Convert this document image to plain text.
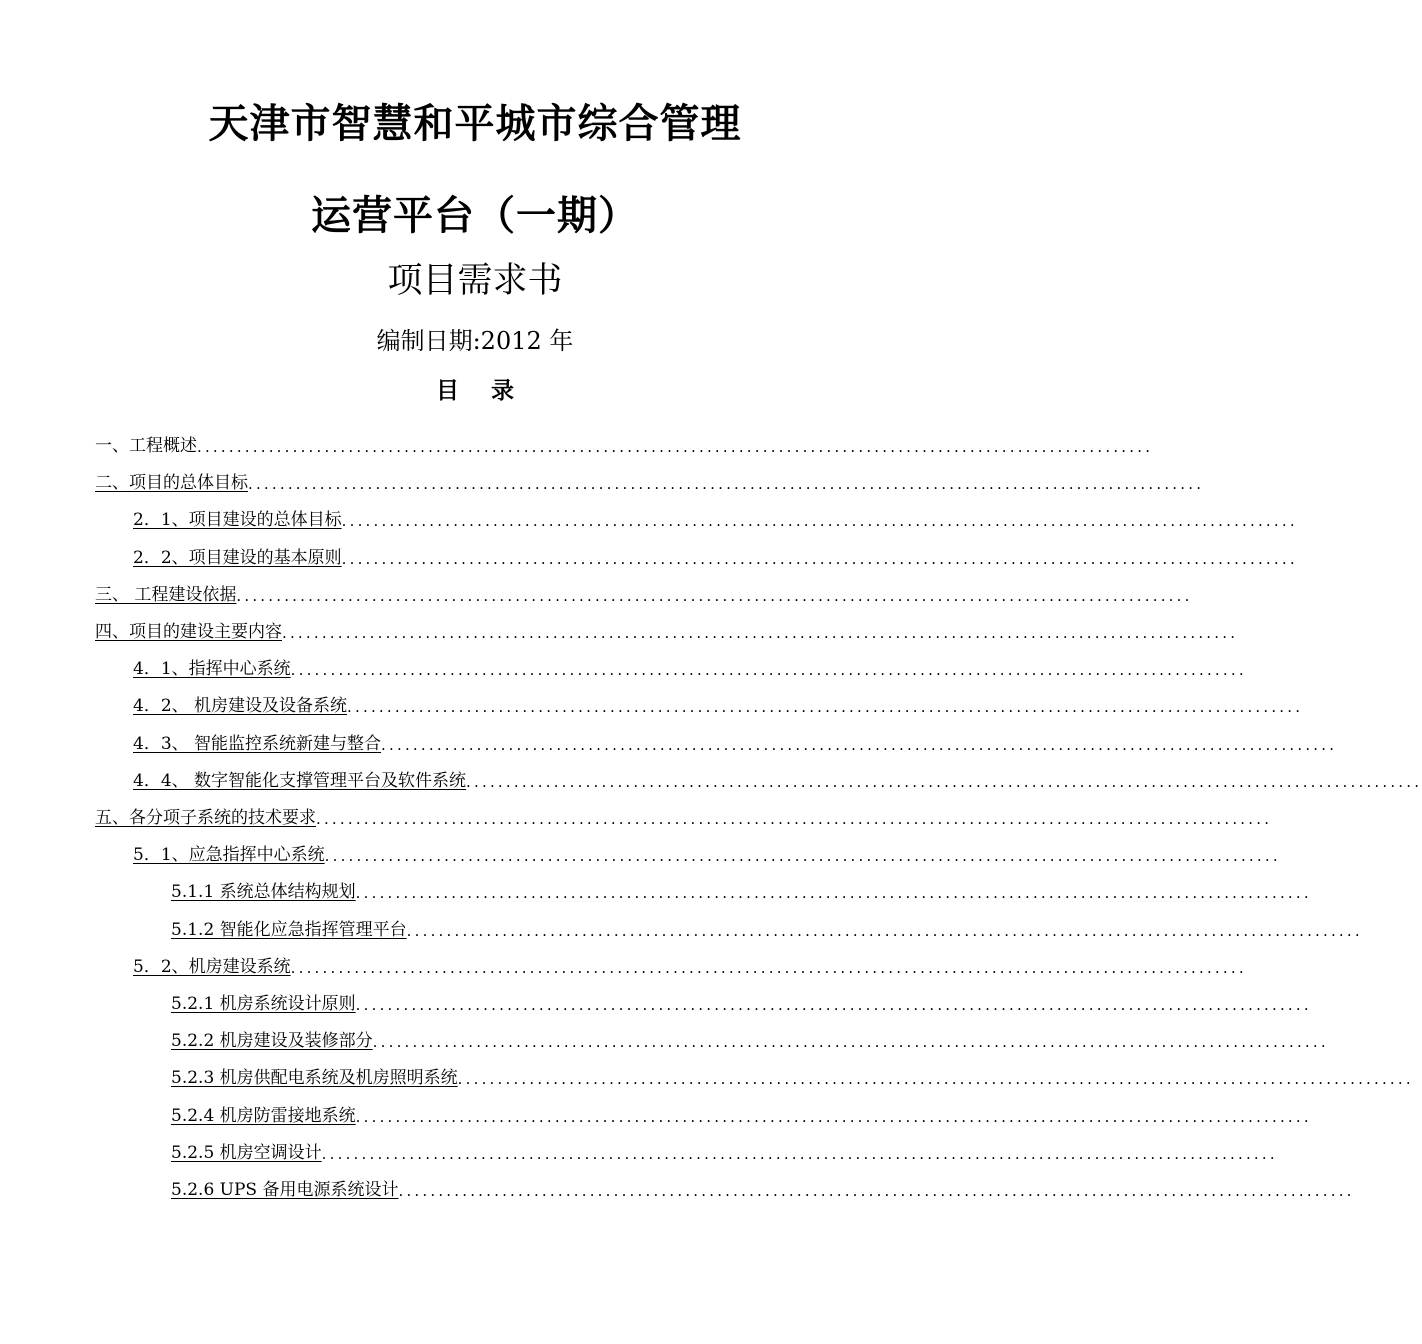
天津市智慧和平城市综合管理
运营平台（一期）
项目需求书
编制日期:2012 年
目 录
一、工程概述 ........................................................................................................................
二、项目的总体目标 ........................................................................................................................
2．1、项目建设的总体目标 ........................................................................................................................
2．2、项目建设的基本原则 ........................................................................................................................
三、 工程建设依据 ........................................................................................................................
四、项目的建设主要内容 ........................................................................................................................
4．1、指挥中心系统 ........................................................................................................................
4．2、 机房建设及设备系统 ........................................................................................................................
4．3、 智能监控系统新建与整合 ........................................................................................................................
4．4、 数字智能化支撑管理平台及软件系统 ........................................................................................................................
五、各分项子系统的技术要求 ........................................................................................................................
5．1、应急指挥中心系统 ........................................................................................................................
5.1.1 系统总体结构规划 ........................................................................................................................
5.1.2 智能化应急指挥管理平台 ........................................................................................................................
5．2、机房建设系统 ........................................................................................................................
5.2.1 机房系统设计原则 ........................................................................................................................
5.2.2 机房建设及装修部分 ........................................................................................................................
5.2.3 机房供配电系统及机房照明系统 ........................................................................................................................
5.2.4 机房防雷接地系统 ........................................................................................................................
5.2.5 机房空调设计 ........................................................................................................................
5.2.6 UPS 备用电源系统设计 ........................................................................................................................
